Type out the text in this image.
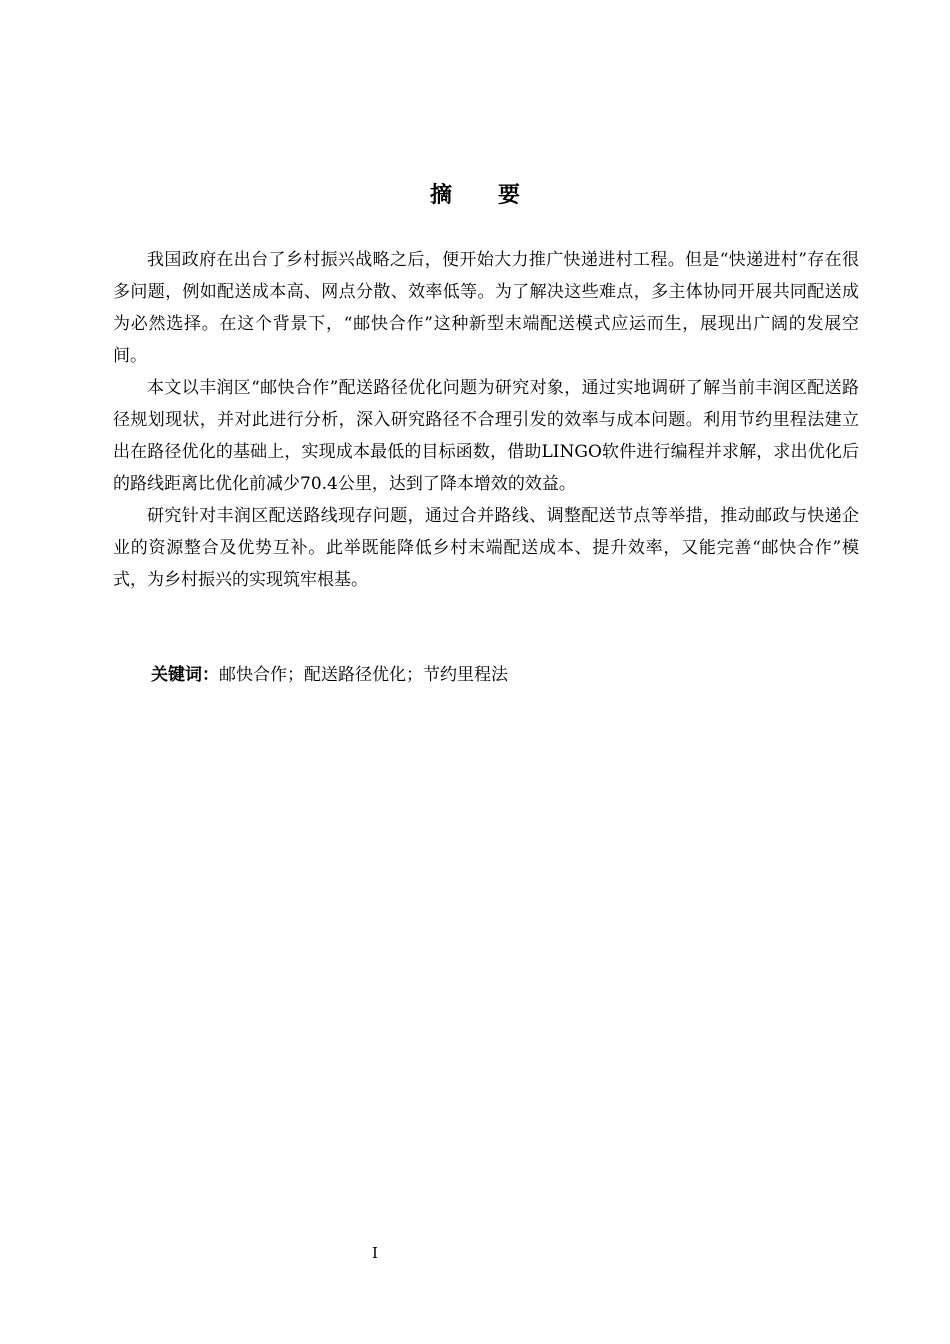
摘 要

我国政府在出台了乡村振兴战略之后，便开始大力推广快递进村工程。但是“快递进村”存在很多问题，例如配送成本高、网点分散、效率低等。为了解决这些难点，多主体协同开展共同配送成为必然选择。在这个背景下，“邮快合作”这种新型末端配送模式应运而生，展现出广阔的发展空间。

本文以丰润区“邮快合作”配送路径优化问题为研究对象，通过实地调研了解当前丰润区配送路径规划现状，并对此进行分析，深入研究路径不合理引发的效率与成本问题。利用节约里程法建立出在路径优化的基础上，实现成本最低的目标函数，借助LINGO软件进行编程并求解，求出优化后的路线距离比优化前减少70.4公里，达到了降本增效的效益。

研究针对丰润区配送路线现存问题，通过合并路线、调整配送节点等举措，推动邮政与快递企业的资源整合及优势互补。此举既能降低乡村末端配送成本、提升效率，又能完善“邮快合作”模式，为乡村振兴的实现筑牢根基。

关键词：邮快合作；配送路径优化；节约里程法
I
